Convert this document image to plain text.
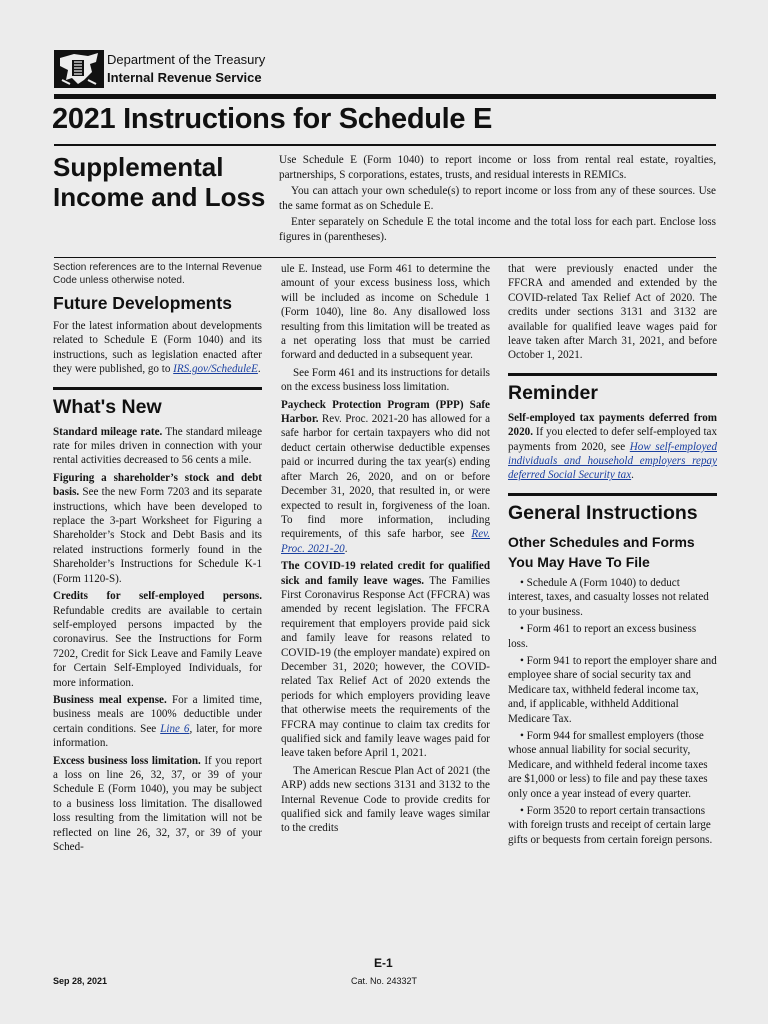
Department of the Treasury
Internal Revenue Service
2021 Instructions for Schedule E
Supplemental Income and Loss

Use Schedule E (Form 1040) to report income or loss from rental real estate, royalties, partnerships, S corporations, estates, trusts, and residual interests in REMICs.

You can attach your own schedule(s) to report income or loss from any of these sources. Use the same format as on Schedule E.

Enter separately on Schedule E the total income and the total loss for each part. Enclose loss figures in (parentheses).

Section references are to the Internal Revenue Code unless otherwise noted.

Future Developments

For the latest information about developments related to Schedule E (Form 1040) and its instructions, such as legislation enacted after they were published, go to IRS.gov/ScheduleE.

What's New

Standard mileage rate. The standard mileage rate for miles driven in connection with your rental activities decreased to 56 cents a mile.

Figuring a shareholder’s stock and debt basis. See the new Form 7203 and its separate instructions, which have been developed to replace the 3-part Worksheet for Figuring a Shareholder’s Stock and Debt Basis and its related instructions formerly found in the Shareholder’s Instructions for Schedule K-1 (Form 1120-S).

Credits for self-employed persons. Refundable credits are available to certain self-employed persons impacted by the coronavirus. See the Instructions for Form 7202, Credit for Sick Leave and Family Leave for Certain Self-Employed Individuals, for more information.

Business meal expense. For a limited time, business meals are 100% deductible under certain conditions. See Line 6, later, for more information.

Excess business loss limitation. If you report a loss on line 26, 32, 37, or 39 of your Schedule E (Form 1040), you may be subject to a business loss limitation. The disallowed loss resulting from the limitation will not be reflected on line 26, 32, 37, or 39 of your Sched-

ule E. Instead, use Form 461 to determine the amount of your excess business loss, which will be included as income on Schedule 1 (Form 1040), line 8o. Any disallowed loss resulting from this limitation will be treated as a net operating loss that must be carried forward and deducted in a subsequent year.

See Form 461 and its instructions for details on the excess business loss limitation.

Paycheck Protection Program (PPP) Safe Harbor. Rev. Proc. 2021-20 has allowed for a safe harbor for certain taxpayers who did not deduct certain otherwise deductible expenses paid or incurred during the tax year(s) ending after March 26, 2020, and on or before December 31, 2020, that resulted in, or were expected to result in, forgiveness of the loan. To find more information, including requirements, of this safe harbor, see Rev. Proc. 2021-20.

The COVID-19 related credit for qualified sick and family leave wages. The Families First Coronavirus Response Act (FFCRA) was amended by recent legislation. The FFCRA requirement that employers provide paid sick and family leave for reasons related to COVID-19 (the employer mandate) expired on December 31, 2020; however, the COVID-related Tax Relief Act of 2020 extends the periods for which employers providing leave that otherwise meets the requirements of the FFCRA may continue to claim tax credits for qualified sick and family leave wages paid for leave taken before April 1, 2021.

The American Rescue Plan Act of 2021 (the ARP) adds new sections 3131 and 3132 to the Internal Revenue Code to provide credits for qualified sick and family leave wages similar to the credits

that were previously enacted under the FFCRA and amended and extended by the COVID-related Tax Relief Act of 2020. The credits under sections 3131 and 3132 are available for qualified leave wages paid for leave taken after March 31, 2021, and before October 1, 2021.

Reminder

Self-employed tax payments deferred from 2020. If you elected to defer self-employed tax payments from 2020, see How self-employed individuals and household employers repay deferred Social Security tax.

General Instructions
Other Schedules and Forms You May Have To File

• Schedule A (Form 1040) to deduct interest, taxes, and casualty losses not related to your business.

• Form 461 to report an excess business loss.

• Form 941 to report the employer share and employee share of social security tax and Medicare tax, withheld federal income tax, and, if applicable, withheld Additional Medicare Tax.

• Form 944 for smallest employers (those whose annual liability for social security, Medicare, and withheld federal income taxes are $1,000 or less) to file and pay these taxes only once a year instead of every quarter.

• Form 3520 to report certain transactions with foreign trusts and receipt of certain large gifts or bequests from certain foreign persons.

E-1
Sep 28, 2021	Cat. No. 24332T
